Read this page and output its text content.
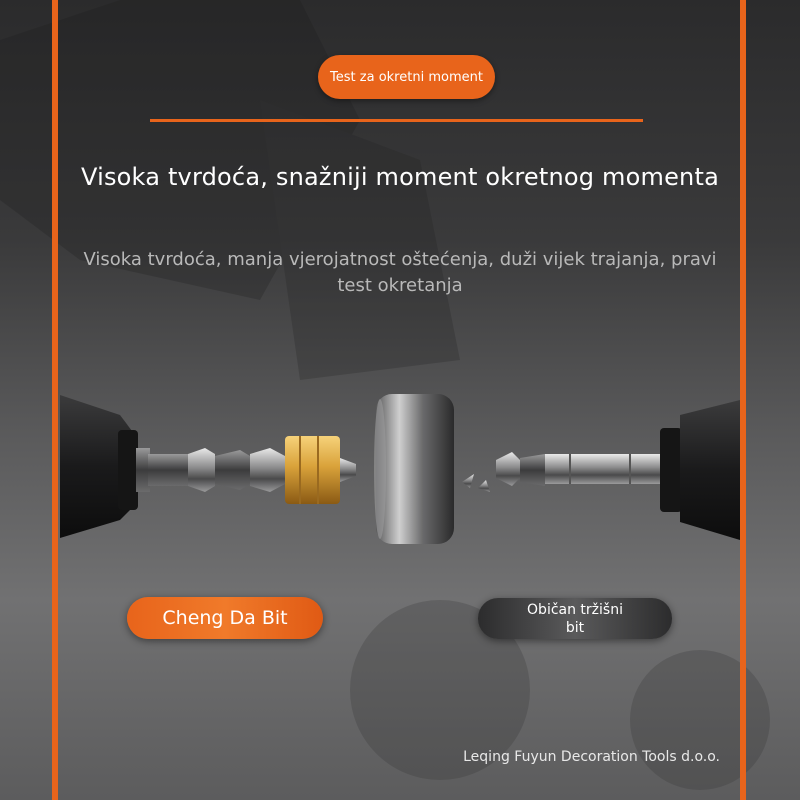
Test za okretni moment
Visoka tvrdoća, snažniji moment okretnog momenta
Visoka tvrdoća, manja vjerojatnost oštećenja, duži vijek trajanja, pravi test okretanja
Cheng Da Bit	Običan tržišni bit
Leqing Fuyun Decoration Tools d.o.o.
